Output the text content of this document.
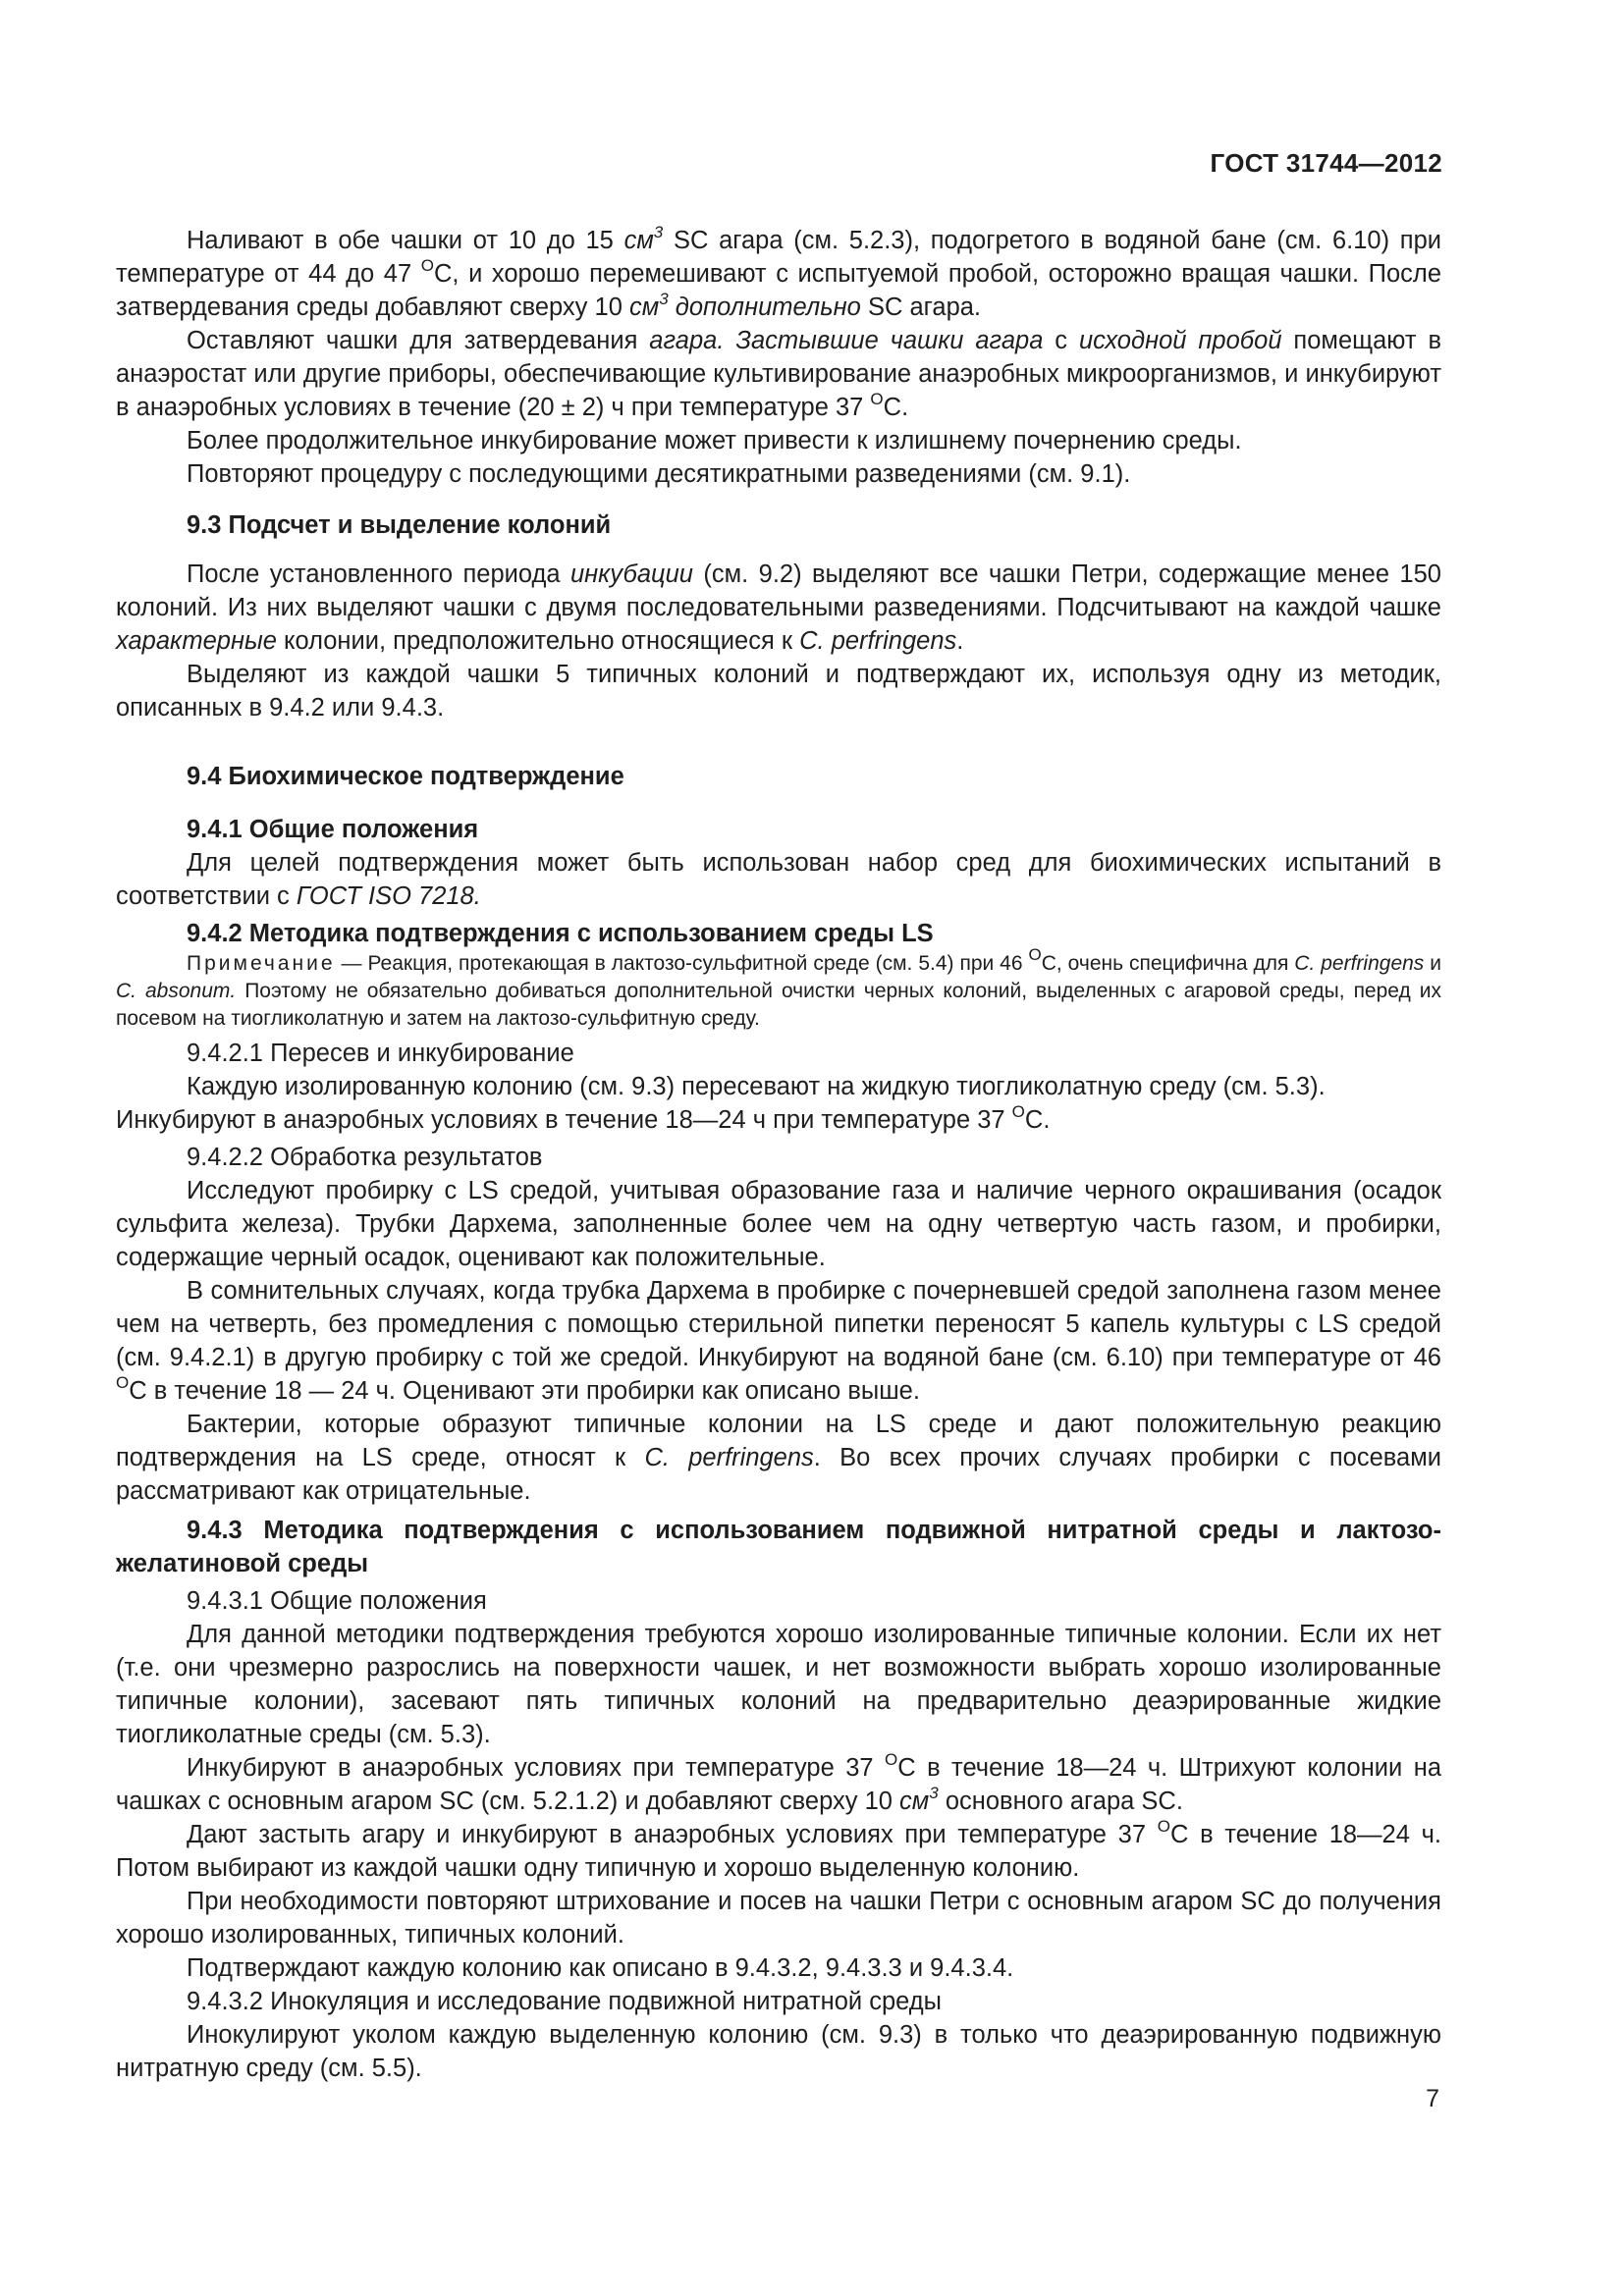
ГОСТ 31744—2012

Наливают в обе чашки от 10 до 15 $см^3$ SC агара (см. 5.2.3), подогретого в водяной бане (см. 6.10) при температуре от 44 до 47 $^О$С, и хорошо перемешивают с испытуемой пробой, осторожно вращая чашки. После затвердевания среды добавляют сверху 10 $см^3$ дополнительно SC агара.

Оставляют чашки для затвердевания агара. Застывшие чашки агара с исходной пробой помещают в анаэростат или другие приборы, обеспечивающие культивирование анаэробных микроорганизмов, и инкубируют в анаэробных условиях в течение (20 ± 2) ч при температуре 37 $^О$С.

Более продолжительное инкубирование может привести к излишнему почернению среды.

Повторяют процедуру с последующими десятикратными разведениями (см. 9.1).

9.3 Подсчет и выделение колоний

После установленного периода инкубации (см. 9.2) выделяют все чашки Петри, содержащие менее 150 колоний. Из них выделяют чашки с двумя последовательными разведениями. Подсчитывают на каждой чашке характерные колонии, предположительно относящиеся к C. perfringens.

Выделяют из каждой чашки 5 типичных колоний и подтверждают их, используя одну из методик, описанных в 9.4.2 или 9.4.3.

9.4 Биохимическое подтверждение
9.4.1 Общие положения

Для целей подтверждения может быть использован набор сред для биохимических испытаний в соответствии с ГОСТ ISO 7218.

9.4.2 Методика подтверждения с использованием среды LS

Примечание — Реакция, протекающая в лактозо-сульфитной среде (см. 5.4) при 46 $^О$С, очень специфична для C. perfringens и C. absonum. Поэтому не обязательно добиваться дополнительной очистки черных колоний, выделенных с агаровой среды, перед их посевом на тиогликолатную и затем на лактозо-сульфитную среду.

9.4.2.1 Пересев и инкубирование

Каждую изолированную колонию (см. 9.3) пересевают на жидкую тиогликолатную среду (см. 5.3).

Инкубируют в анаэробных условиях в течение 18—24 ч при температуре 37 $^О$С.

9.4.2.2 Обработка результатов

Исследуют пробирку с LS средой, учитывая образование газа и наличие черного окрашивания (осадок сульфита железа). Трубки Дархема, заполненные более чем на одну четвертую часть газом, и пробирки, содержащие черный осадок, оценивают как положительные.

В сомнительных случаях, когда трубка Дархема в пробирке с почерневшей средой заполнена газом менее чем на четверть, без промедления с помощью стерильной пипетки переносят 5 капель культуры с LS средой (см. 9.4.2.1) в другую пробирку с той же средой. Инкубируют на водяной бане (см. 6.10) при температуре от 46 $^О$С в течение 18 — 24 ч. Оценивают эти пробирки как описано выше.

Бактерии, которые образуют типичные колонии на LS среде и дают положительную реакцию подтверждения на LS среде, относят к C. perfringens. Во всех прочих случаях пробирки с посевами рассматривают как отрицательные.

9.4.3 Методика подтверждения с использованием подвижной нитратной среды и лактозо-желатиновой среды
9.4.3.1 Общие положения

Для данной методики подтверждения требуются хорошо изолированные типичные колонии. Если их нет (т.е. они чрезмерно разрослись на поверхности чашек, и нет возможности выбрать хорошо изолированные типичные колонии), засевают пять типичных колоний на предварительно деаэрированные жидкие тиогликолатные среды (см. 5.3).

Инкубируют в анаэробных условиях при температуре 37 $^О$С в течение 18—24 ч. Штрихуют колонии на чашках с основным агаром SC (см. 5.2.1.2) и добавляют сверху 10 $см^3$ основного агара SC.

Дают застыть агару и инкубируют в анаэробных условиях при температуре 37 $^О$С в течение 18—24 ч. Потом выбирают из каждой чашки одну типичную и хорошо выделенную колонию.

При необходимости повторяют штрихование и посев на чашки Петри с основным агаром SC до получения хорошо изолированных, типичных колоний.

Подтверждают каждую колонию как описано в 9.4.3.2, 9.4.3.3 и 9.4.3.4.

9.4.3.2 Инокуляция и исследование подвижной нитратной среды

Инокулируют уколом каждую выделенную колонию (см. 9.3) в только что деаэрированную подвижную нитратную среду (см. 5.5).

7
